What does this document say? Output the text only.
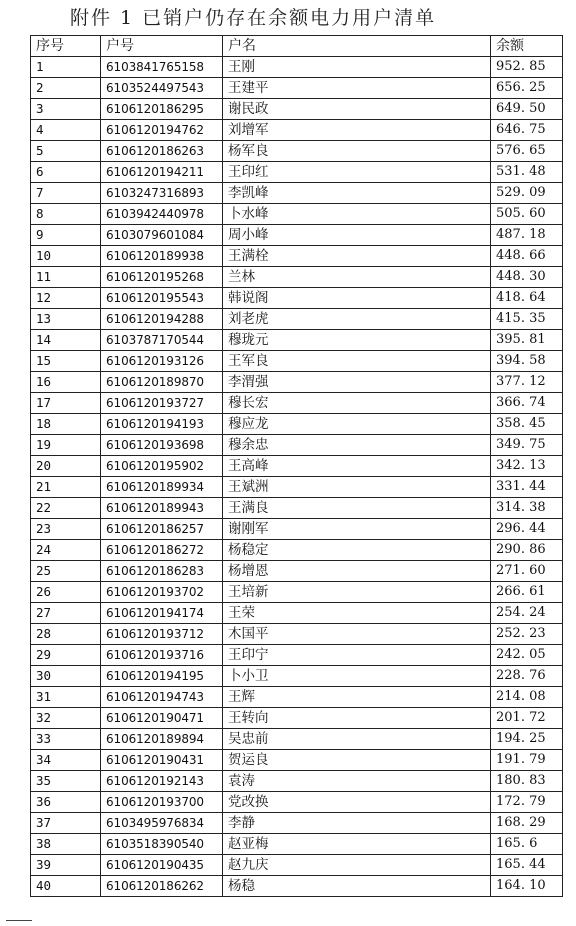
附件 1 已销户仍存在余额电力用户清单
序号	户号	户名	余额
1	6103841765158	王刚	952. 85
2	6103524497543	王建平	656. 25
3	6106120186295	谢民政	649. 50
4	6106120194762	刘增军	646. 75
5	6106120186263	杨军良	576. 65
6	6106120194211	王印红	531. 48
7	6103247316893	李凯峰	529. 09
8	6103942440978	卜水峰	505. 60
9	6103079601084	周小峰	487. 18
10	6106120189938	王满栓	448. 66
11	6106120195268	兰林	448. 30
12	6106120195543	韩说阁	418. 64
13	6106120194288	刘老虎	415. 35
14	6103787170544	穆珑元	395. 81
15	6106120193126	王军良	394. 58
16	6106120189870	李渭强	377. 12
17	6106120193727	穆长宏	366. 74
18	6106120194193	穆应龙	358. 45
19	6106120193698	穆余忠	349. 75
20	6106120195902	王高峰	342. 13
21	6106120189934	王斌洲	331. 44
22	6106120189943	王满良	314. 38
23	6106120186257	谢刚军	296. 44
24	6106120186272	杨稳定	290. 86
25	6106120186283	杨增恩	271. 60
26	6106120193702	王培新	266. 61
27	6106120194174	王荣	254. 24
28	6106120193712	木国平	252. 23
29	6106120193716	王印宁	242. 05
30	6106120194195	卜小卫	228. 76
31	6106120194743	王辉	214. 08
32	6106120190471	王转向	201. 72
33	6106120189894	吴忠前	194. 25
34	6106120190431	贺运良	191. 79
35	6106120192143	袁涛	180. 83
36	6106120193700	党改换	172. 79
37	6103495976834	李静	168. 29
38	6103518390540	赵亚梅	165. 6
39	6106120190435	赵九庆	165. 44
40	6106120186262	杨稳	164. 10
